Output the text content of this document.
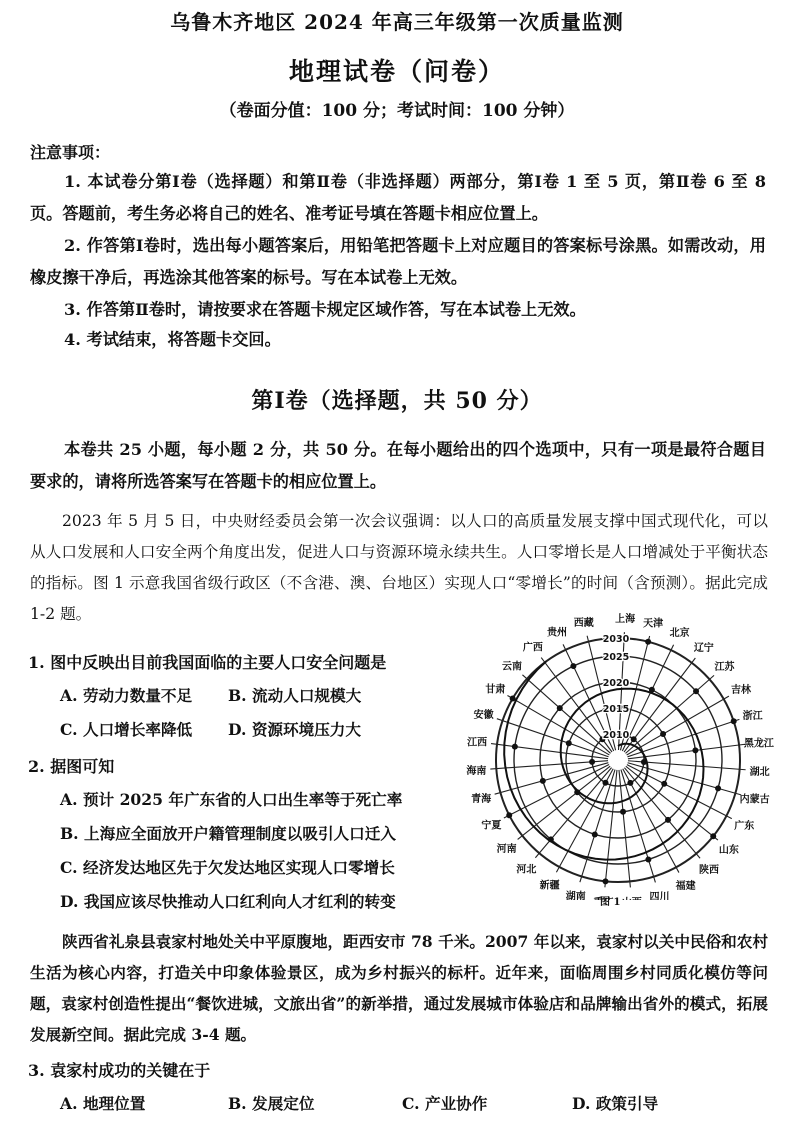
乌鲁木齐地区 2024 年高三年级第一次质量监测
地理试卷（问卷）
（卷面分值：100 分；考试时间：100 分钟）
注意事项：
1. 本试卷分第Ⅰ卷（选择题）和第Ⅱ卷（非选择题）两部分，第Ⅰ卷 1 至 5 页，第Ⅱ卷 6 至 8 页。答题前，考生务必将自己的姓名、准考证号填在答题卡相应位置上。
2. 作答第Ⅰ卷时，选出每小题答案后，用铅笔把答题卡上对应题目的答案标号涂黑。如需改动，用橡皮擦干净后，再选涂其他答案的标号。写在本试卷上无效。
3. 作答第Ⅱ卷时，请按要求在答题卡规定区域作答，写在本试卷上无效。
4. 考试结束，将答题卡交回。
第Ⅰ卷（选择题，共 50 分）
本卷共 25 小题，每小题 2 分，共 50 分。在每小题给出的四个选项中，只有一项是最符合题目要求的，请将所选答案写在答题卡的相应位置上。
2023 年 5 月 5 日，中央财经委员会第一次会议强调：以人口的高质量发展支撑中国式现代化，可以从人口发展和人口安全两个角度出发，促进人口与资源环境永续共生。人口零增长是人口增减处于平衡状态的指标。图 1 示意我国省级行政区（不含港、澳、台地区）实现人口“零增长”的时间（含预测）。据此完成 1-2 题。
1. 图中反映出目前我国面临的主要人口安全问题是
A. 劳动力数量不足 B. 流动人口规模大
C. 人口增长率降低 D. 资源环境压力大
2. 据图可知
A. 预计 2025 年广东省的人口出生率等于死亡率
B. 上海应全面放开户籍管理制度以吸引人口迁入
C. 经济发达地区先于欠发达地区实现人口零增长
D. 我国应该尽快推动人口红利向人才红利的转变
上海 天津
北京
辽宁
江苏
吉林
浙江
黑龙江
湖北
内蒙古
广东
山东
陕西
福建
四川
湖南
新疆
河北
河南
宁夏
青海
海南
江西
安徽
甘肃
云南
广西
贵州
西藏
2010
2015
2020
2025
2030
图 1
陕西省礼泉县袁家村地处关中平原腹地，距西安市 78 千米。2007 年以来，袁家村以关中民俗和农村生活为核心内容，打造关中印象体验景区，成为乡村振兴的标杆。近年来，面临周围乡村同质化模仿等问题，袁家村创造性提出“餐饮进城，文旅出省”的新举措，通过发展城市体验店和品牌输出省外的模式，拓展发展新空间。据此完成 3-4 题。
3. 袁家村成功的关键在于
A. 地理位置	B. 发展定位	C. 产业协作	D. 政策引导
